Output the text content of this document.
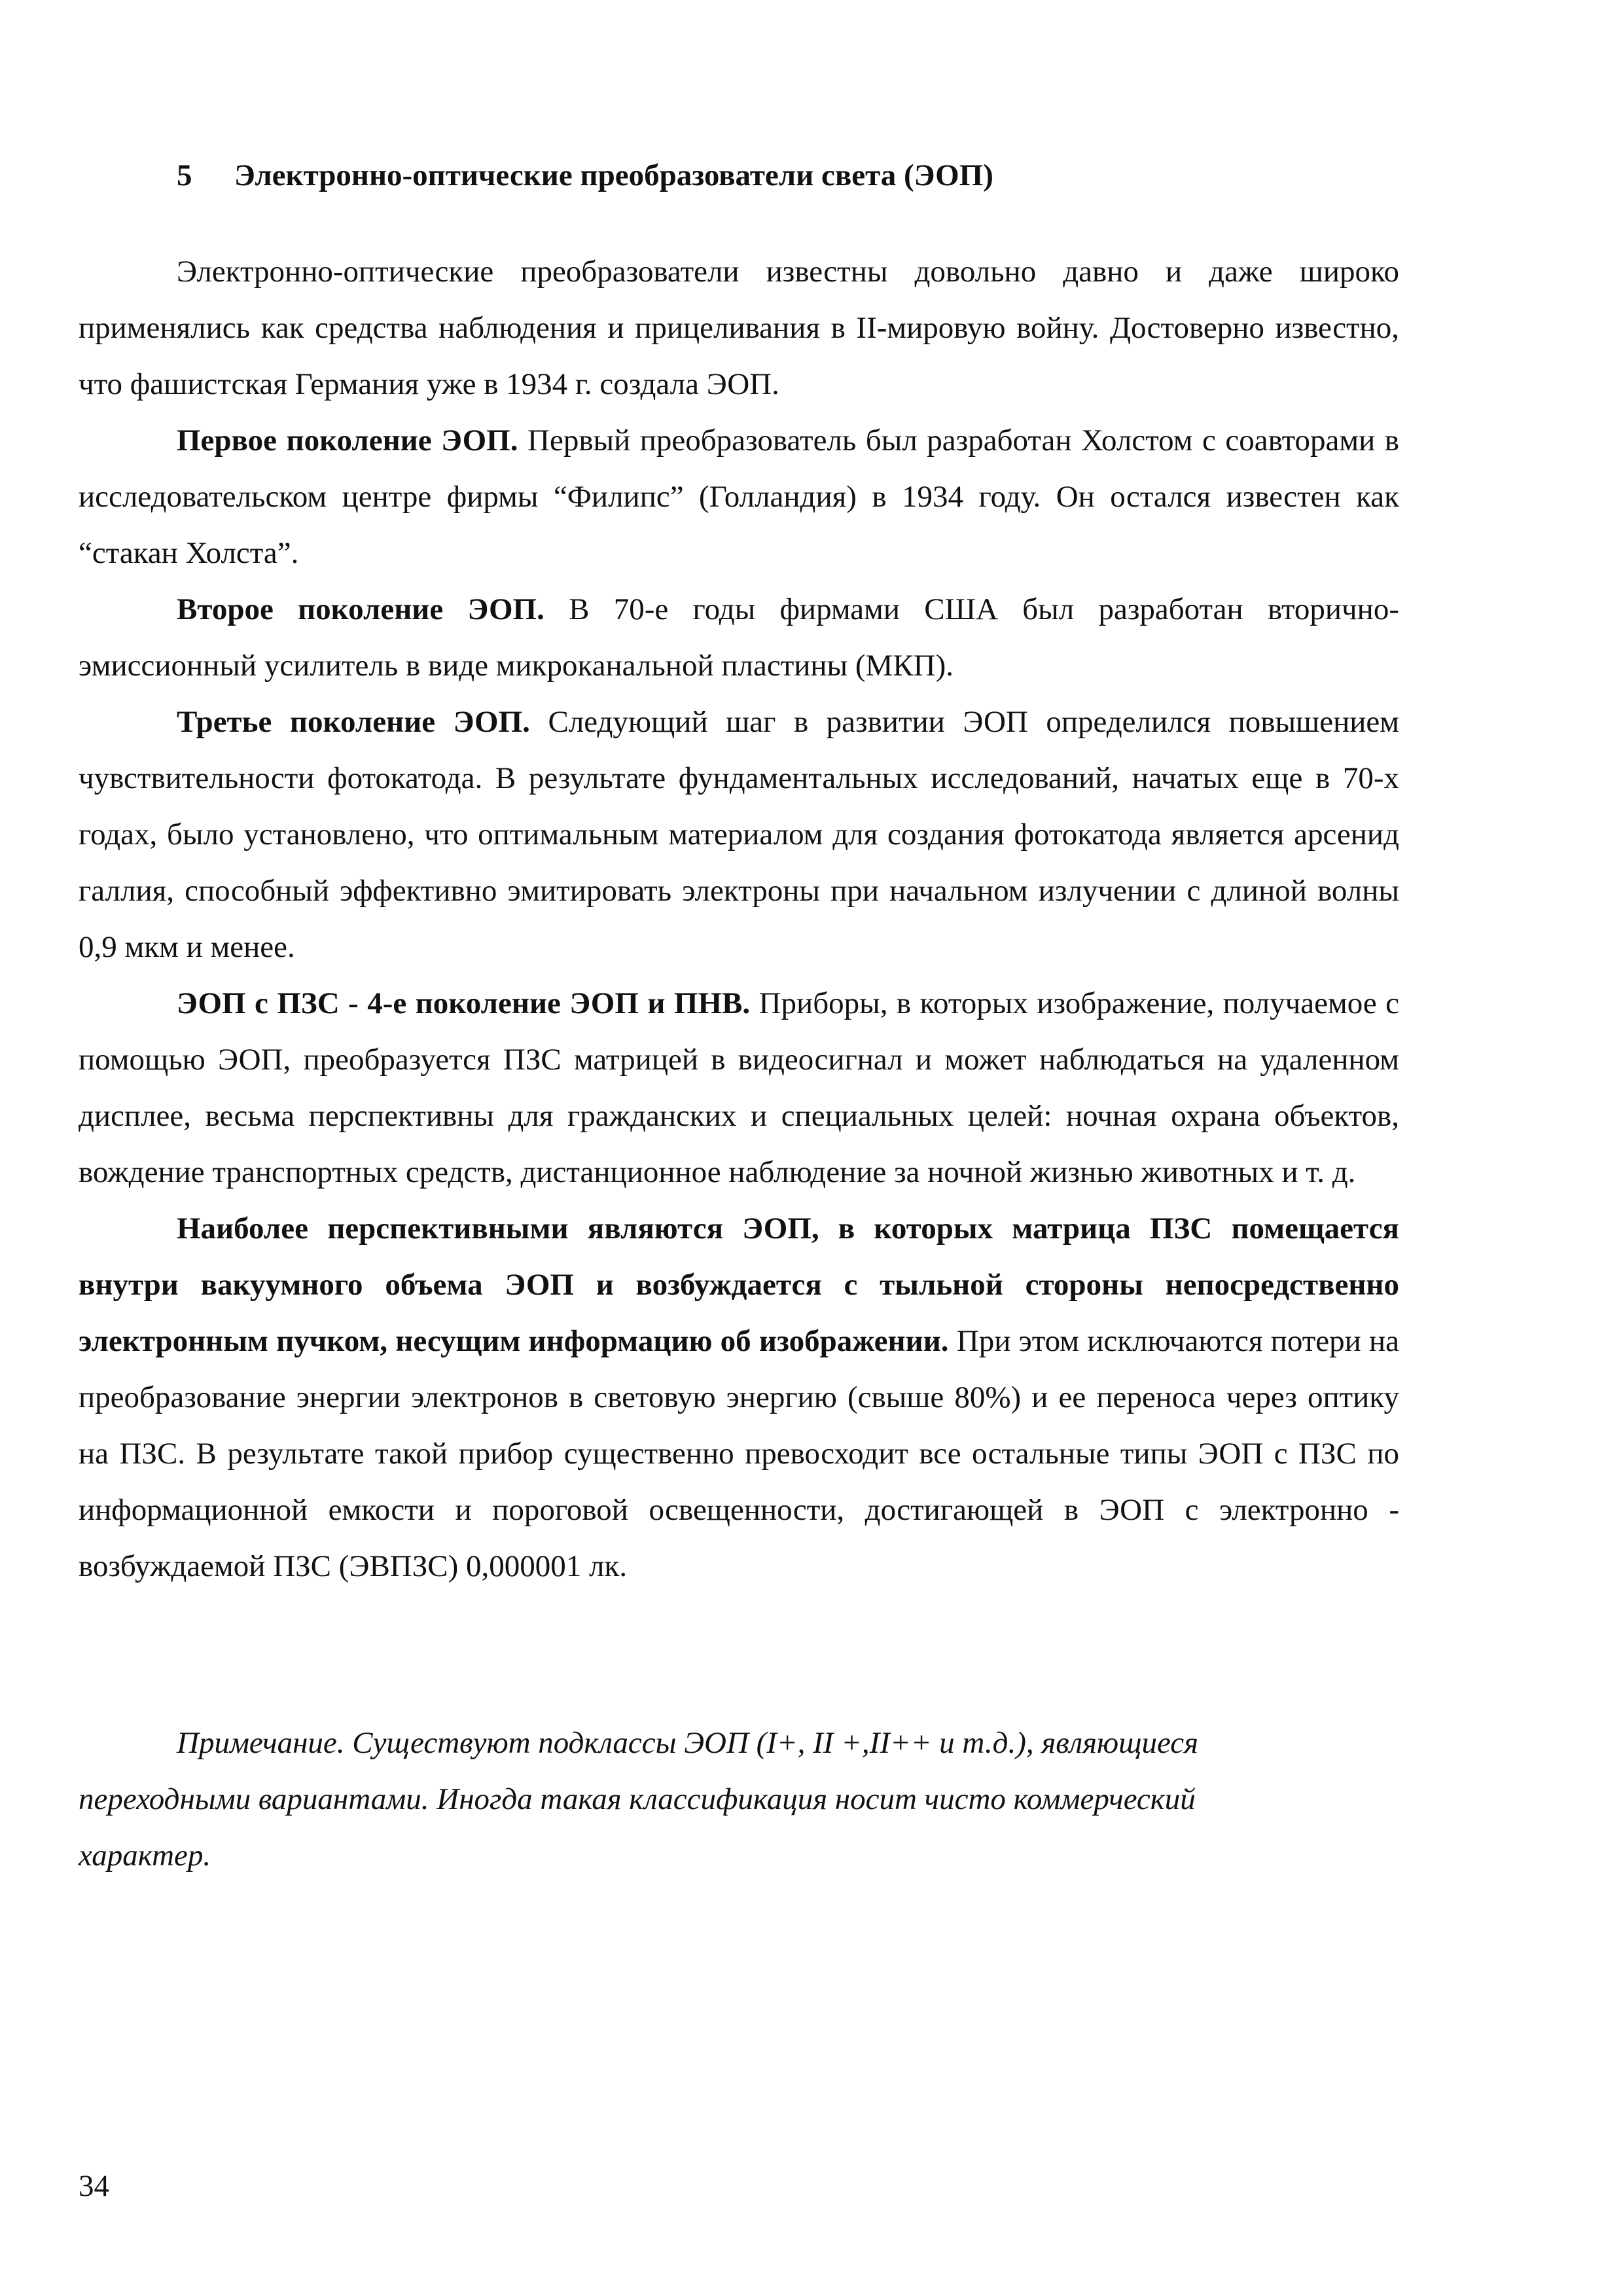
5 Электронно-оптические преобразователи света (ЭОП)

Электронно-оптические преобразователи известны довольно давно и даже широко применялись как средства наблюдения и прицеливания в II-мировую войну. Достоверно известно, что фашистская Германия уже в 1934 г. создала ЭОП.

Первое поколение ЭОП. Первый преобразователь был разработан Холстом с соавторами в исследовательском центре фирмы “Филипс” (Голландия) в 1934 году. Он остался известен как “стакан Холста”.

Второе поколение ЭОП. В 70-е годы фирмами США был разработан вторично-эмиссионный усилитель в виде микроканальной пластины (МКП).

Третье поколение ЭОП. Следующий шаг в развитии ЭОП определился повышением чувствительности фотокатода. В результате фундаментальных исследований, начатых еще в 70-х годах, было установлено, что оптимальным материалом для создания фотокатода является арсенид галлия, способный эффективно эмитировать электроны при начальном излучении с длиной волны 0,9 мкм и менее.

ЭОП с ПЗС - 4-е поколение ЭОП и ПНВ. Приборы, в которых изображение, получаемое с помощью ЭОП, преобразуется ПЗС матрицей в видеосигнал и может наблюдаться на удаленном дисплее, весьма перспективны для гражданских и специальных целей: ночная охрана объектов, вождение транспортных средств, дистанционное наблюдение за ночной жизнью животных и т. д.

Наиболее перспективными являются ЭОП, в которых матрица ПЗС помещается внутри вакуумного объема ЭОП и возбуждается с тыльной стороны непосредственно электронным пучком, несущим информацию об изображении. При этом исключаются потери на преобразование энергии электронов в световую энергию (свыше 80%) и ее переноса через оптику на ПЗС. В результате такой прибор существенно превосходит все остальные типы ЭОП с ПЗС по информационной емкости и пороговой освещенности, достигающей в ЭОП с электронно - возбуждаемой ПЗС (ЭВПЗС) 0,000001 лк.

Примечание. Существуют подклассы ЭОП (I+, II +,II++ и т.д.), являющиеся переходными вариантами. Иногда такая классификация носит чисто коммерческий характер.

34
